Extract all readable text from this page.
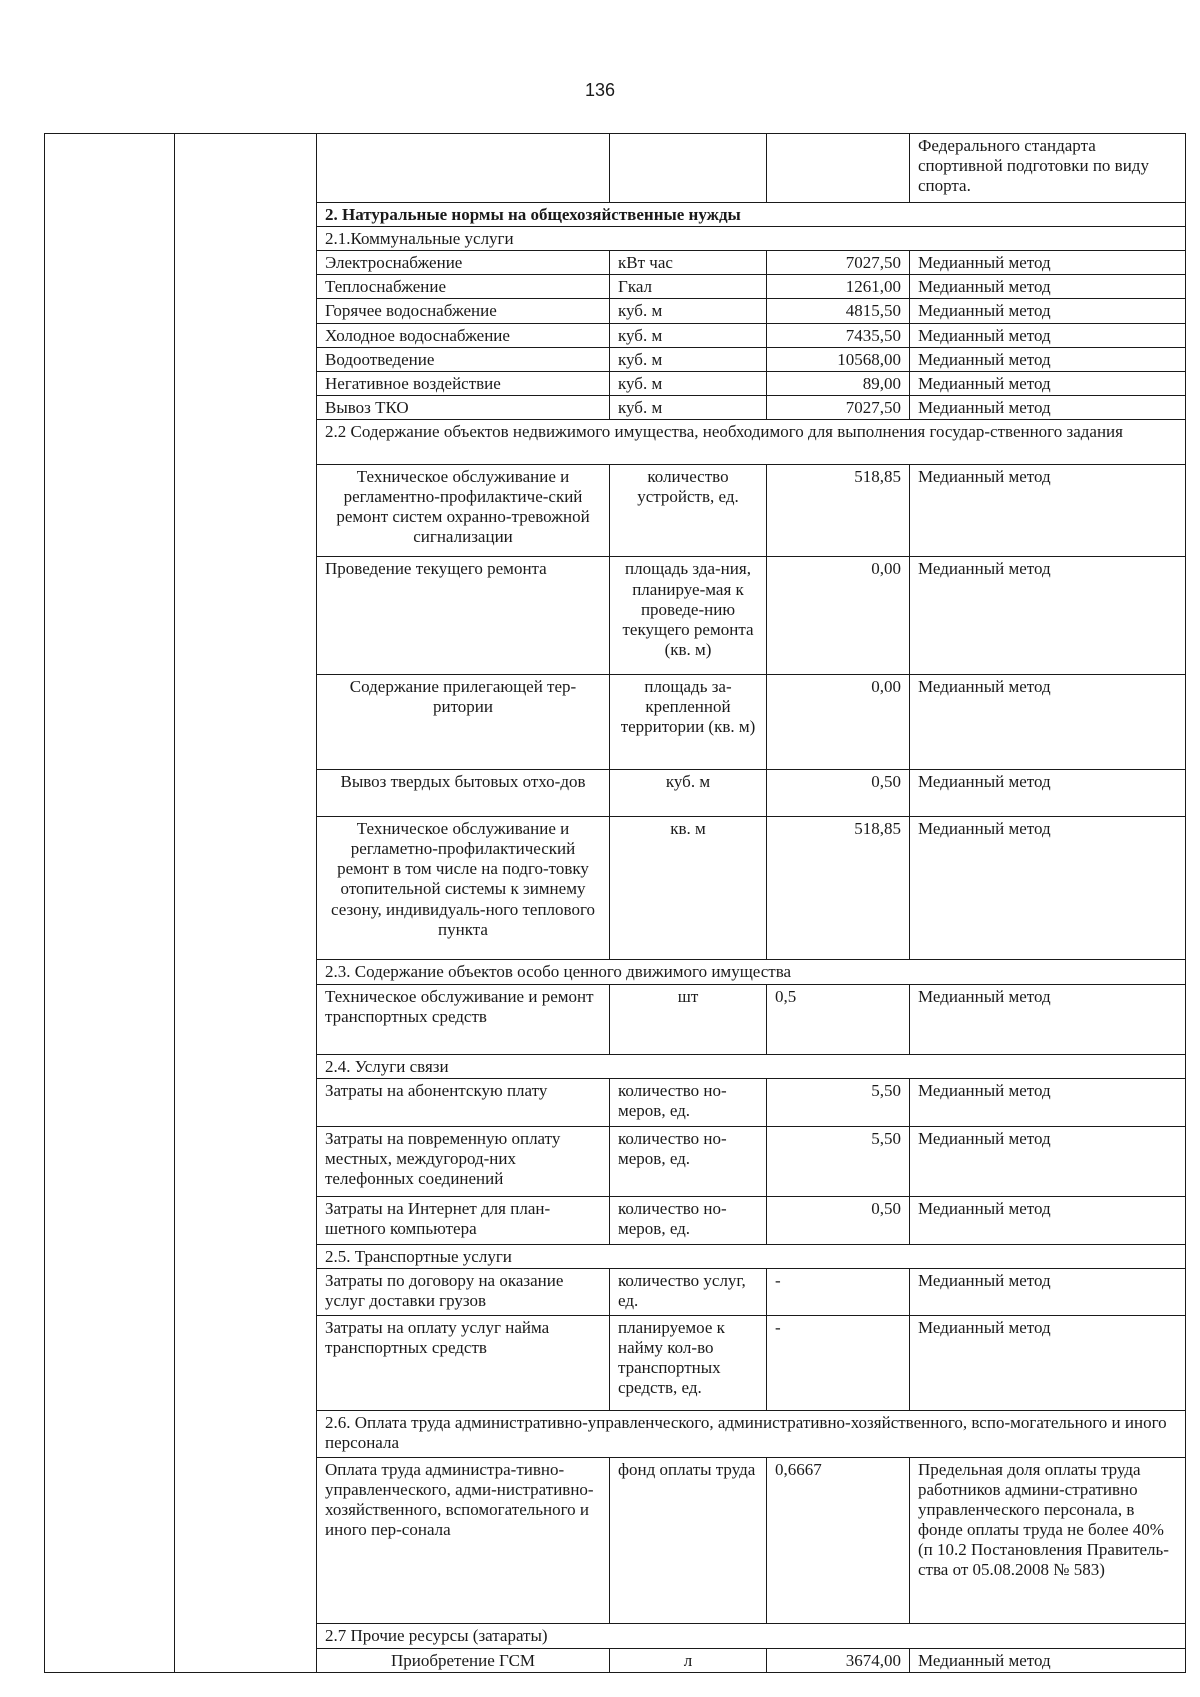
136
					Федерального стандарта спортивной подготовки по виду спорта.
		2. Натуральные нормы на общехозяйственные нужды			
		2.1.Коммунальные услуги			
		Электроснабжение	кВт час	7027,50	Медианный метод
		Теплоснабжение	Гкал	1261,00	Медианный метод
		Горячее водоснабжение	куб. м	4815,50	Медианный метод
		Холодное водоснабжение	куб. м	7435,50	Медианный метод
		Водоотведение	куб. м	10568,00	Медианный метод
		Негативное воздействие	куб. м	89,00	Медианный метод
		Вывоз ТКО	куб. м	7027,50	Медианный метод
		2.2 Содержание объектов недвижимого имущества, необходимого для выполнения государ-ственного задания			
		Техническое обслуживание и регламентно-профилактиче-ский ремонт систем охранно-тревожной сигнализации	количество устройств, ед.	518,85	Медианный метод
		Проведение текущего ремонта	площадь зда-ния, планируе-мая к проведе-нию текущего ремонта (кв. м)	0,00	Медианный метод
		Содержание прилегающей тер-ритории	площадь за-крепленной территории (кв. м)	0,00	Медианный метод
		Вывоз твердых бытовых отхо-дов	куб. м	0,50	Медианный метод
		Техническое обслуживание и регламетно-профилактический ремонт в том числе на подго-товку отопительной системы к зимнему сезону, индивидуаль-ного теплового пункта	кв. м	518,85	Медианный метод
		2.3. Содержание объектов особо ценного движимого имущества			
		Техническое обслуживание и ремонт транспортных средств	шт	0,5	Медианный метод
		2.4. Услуги связи			
		Затраты на абонентскую плату	количество но-меров, ед.	5,50	Медианный метод
		Затраты на повременную оплату местных, междугород-них телефонных соединений	количество но-меров, ед.	5,50	Медианный метод
		Затраты на Интернет для план-шетного компьютера	количество но-меров, ед.	0,50	Медианный метод
		2.5. Транспортные услуги			
		Затраты по договору на оказание услуг доставки грузов	количество услуг, ед.	-	Медианный метод
		Затраты на оплату услуг найма транспортных средств	планируемое к найму кол-во транспортных средств, ед.	-	Медианный метод
		2.6. Оплата труда административно-управленческого, административно-хозяйственного, вспо-могательного и иного персонала			
		Оплата труда администра-тивно-управленческого, адми-нистративно-хозяйственного, вспомогательного и иного пер-сонала	фонд оплаты труда	0,6667	Предельная доля оплаты труда работников админи-стративно управленческого персонала, в фонде оплаты труда не более 40% (п 10.2 Постановления Правитель-ства от 05.08.2008 № 583)
		2.7 Прочие ресурсы (затараты)			
		Приобретение ГСМ	л	3674,00	Медианный метод
